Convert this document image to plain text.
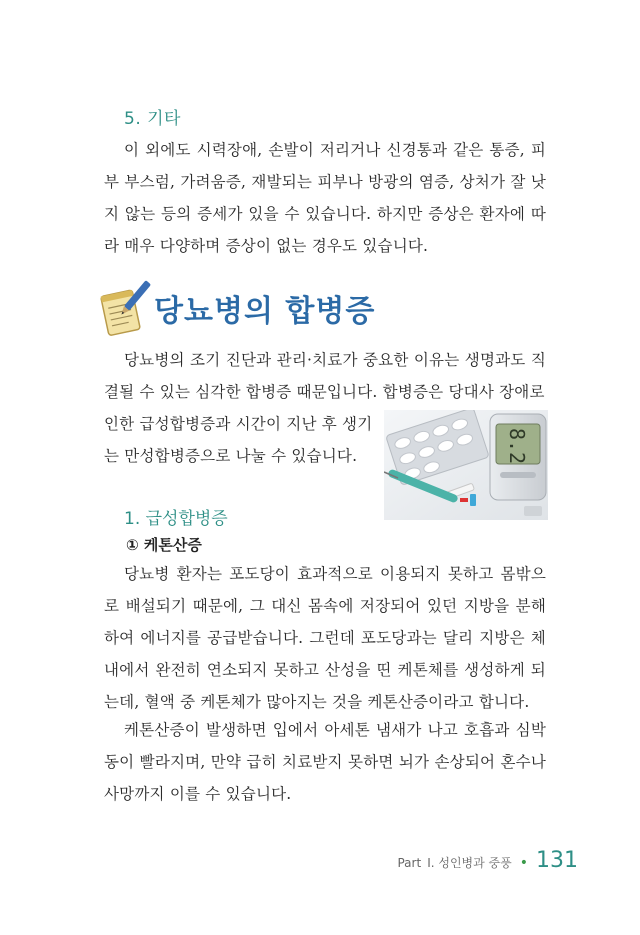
5. 기타

이 외에도 시력장애, 손발이 저리거나 신경통과 같은 통증, 피부 부스럼, 가려움증, 재발되는 피부나 방광의 염증, 상처가 잘 낫지 않는 등의 증세가 있을 수 있습니다. 하지만 증상은 환자에 따라 매우 다양하며 증상이 없는 경우도 있습니다.

당뇨병의 합병증

당뇨병의 조기 진단과 관리·치료가 중요한 이유는 생명과도 직결될 수 있는 심각한 합병증 때문입니다. 합병증은 당대사 장애로

인한 급성합병증과 시간이 지난 후 생기는 만성합병증으로 나눌 수 있습니다.	8.2
1. 급성합병증
① 케톤산증

당뇨병 환자는 포도당이 효과적으로 이용되지 못하고 몸밖으로 배설되기 때문에, 그 대신 몸속에 저장되어 있던 지방을 분해하여 에너지를 공급받습니다. 그런데 포도당과는 달리 지방은 체내에서 완전히 연소되지 못하고 산성을 띤 케톤체를 생성하게 되는데, 혈액 중 케톤체가 많아지는 것을 케톤산증이라고 합니다.

케톤산증이 발생하면 입에서 아세톤 냄새가 나고 호흡과 심박동이 빨라지며, 만약 급히 치료받지 못하면 뇌가 손상되어 혼수나 사망까지 이를 수 있습니다.

Part Ⅰ. 성인병과 중풍 • 131
